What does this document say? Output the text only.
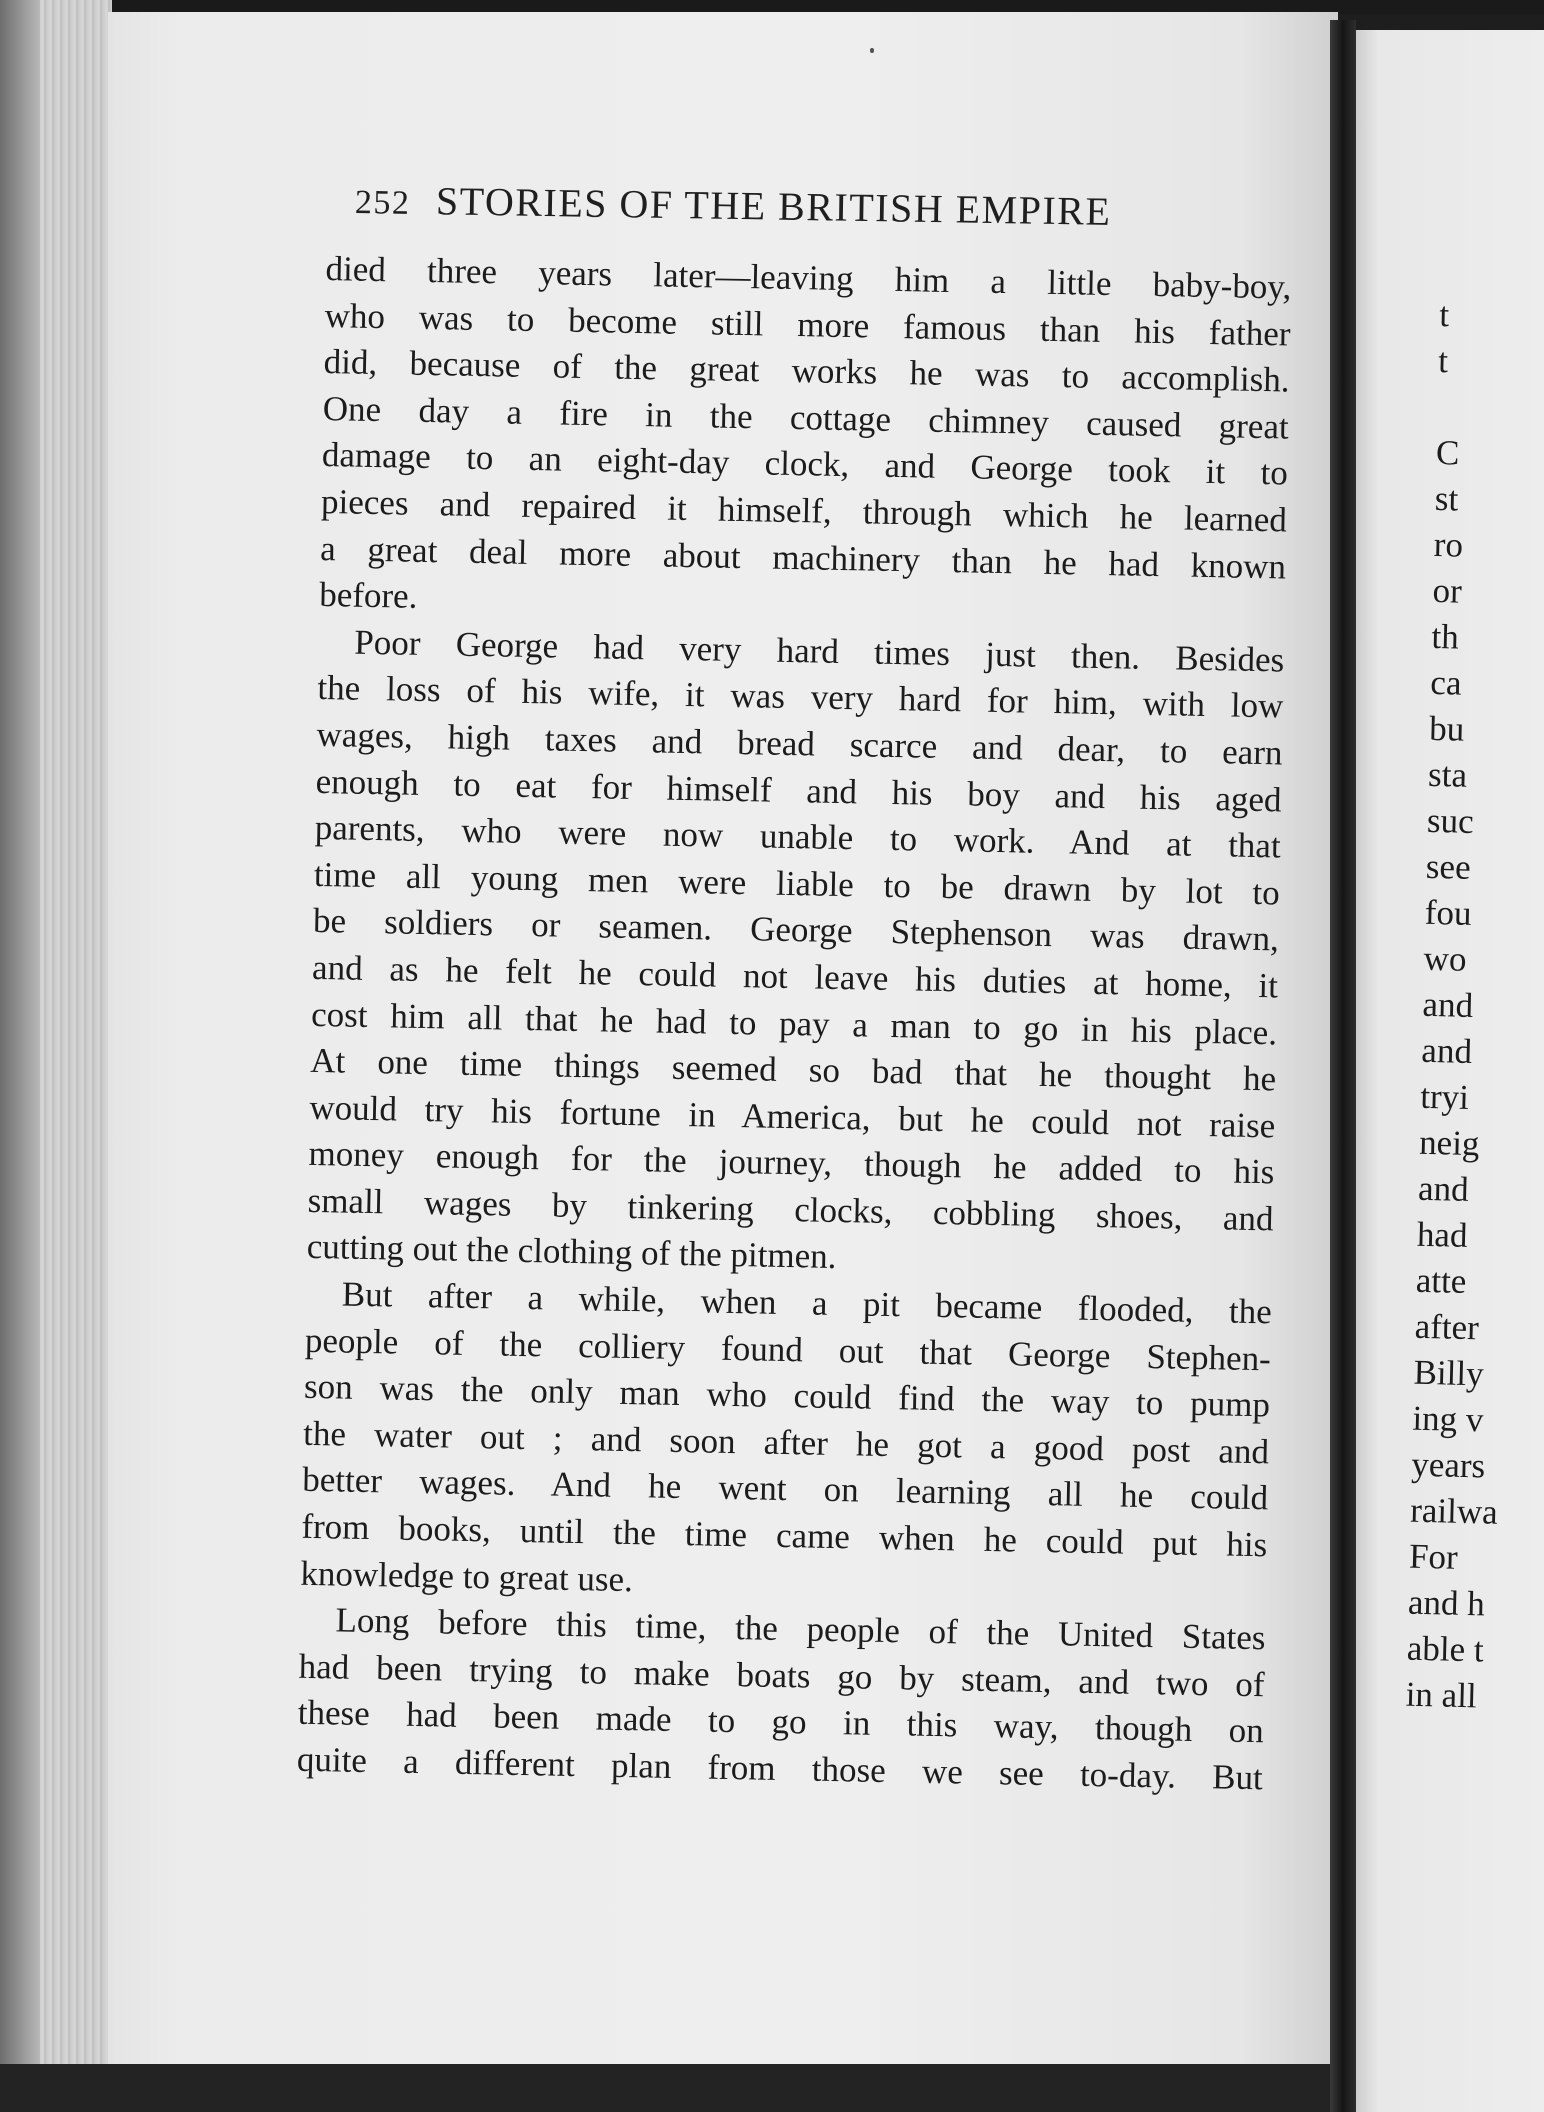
252 STORIES OF THE BRITISH EMPIRE
died three years later—leaving him a little baby-boy,
who was to become still more famous than his father
did, because of the great works he was to accomplish.
One day a fire in the cottage chimney caused great
damage to an eight-day clock, and George took it to
pieces and repaired it himself, through which he learned
a great deal more about machinery than he had known
before.
Poor George had very hard times just then. Besides
the loss of his wife, it was very hard for him, with low
wages, high taxes and bread scarce and dear, to earn
enough to eat for himself and his boy and his aged
parents, who were now unable to work. And at that
time all young men were liable to be drawn by lot to
be soldiers or seamen. George Stephenson was drawn,
and as he felt he could not leave his duties at home, it
cost him all that he had to pay a man to go in his place.
At one time things seemed so bad that he thought he
would try his fortune in America, but he could not raise
money enough for the journey, though he added to his
small wages by tinkering clocks, cobbling shoes, and
cutting out the clothing of the pitmen.
But after a while, when a pit became flooded, the
people of the colliery found out that George Stephen-
son was the only man who could find the way to pump
the water out ; and soon after he got a good post and
better wages. And he went on learning all he could
from books, until the time came when he could put his
knowledge to great use.
Long before this time, the people of the United States
had been trying to make boats go by steam, and two of
these had been made to go in this way, though on
quite a different plan from those we see to-day. But
t
t
C
st
ro
or
th
ca
bu
sta
suc
see
fou
wo
and
and
tryi
neig
and
had
atte
after
Billy
ing v
years
railwa
For
and h
able t
in all
